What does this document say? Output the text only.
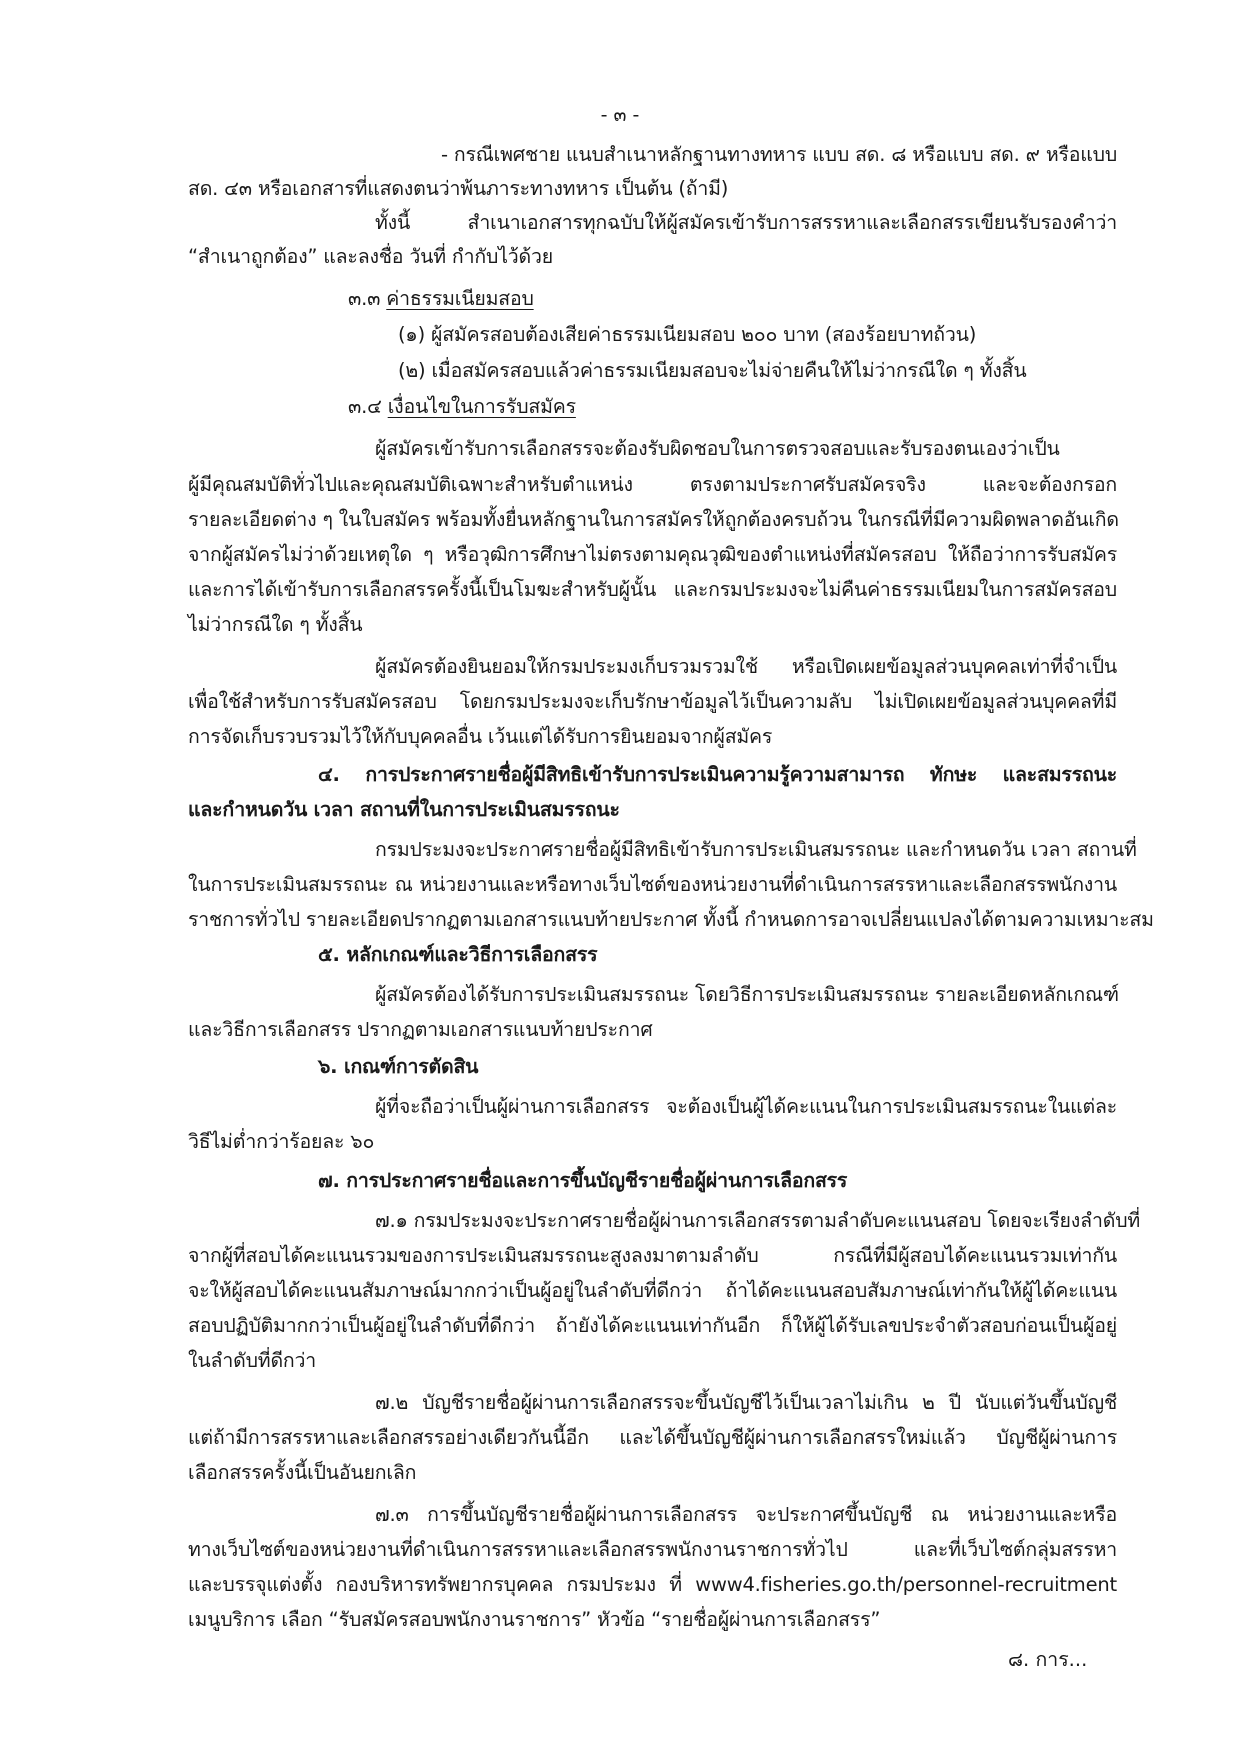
- ๓ -
- กรณีเพศชาย แนบสำเนาหลักฐานทางทหาร แบบ สด. ๘ หรือแบบ สด. ๙ หรือแบบ
สด. ๔๓ หรือเอกสารที่แสดงตนว่าพ้นภาระทางทหาร เป็นต้น (ถ้ามี)
ทั้งนี้ สำเนาเอกสารทุกฉบับให้ผู้สมัครเข้ารับการสรรหาและเลือกสรรเขียนรับรองคำว่า
“สำเนาถูกต้อง” และลงชื่อ วันที่ กำกับไว้ด้วย
๓.๓ ค่าธรรมเนียมสอบ
(๑) ผู้สมัครสอบต้องเสียค่าธรรมเนียมสอบ ๒๐๐ บาท (สองร้อยบาทถ้วน)
(๒) เมื่อสมัครสอบแล้วค่าธรรมเนียมสอบจะไม่จ่ายคืนให้ไม่ว่ากรณีใด ๆ ทั้งสิ้น
๓.๔ เงื่อนไขในการรับสมัคร
ผู้สมัครเข้ารับการเลือกสรรจะต้องรับผิดชอบในการตรวจสอบและรับรองตนเองว่าเป็น
ผู้มีคุณสมบัติทั่วไปและคุณสมบัติเฉพาะสำหรับตำแหน่ง ตรงตามประกาศรับสมัครจริง และจะต้องกรอก
รายละเอียดต่าง ๆ ในใบสมัคร พร้อมทั้งยื่นหลักฐานในการสมัครให้ถูกต้องครบถ้วน ในกรณีที่มีความผิดพลาดอันเกิด
จากผู้สมัครไม่ว่าด้วยเหตุใด ๆ หรือวุฒิการศึกษาไม่ตรงตามคุณวุฒิของตำแหน่งที่สมัครสอบ ให้ถือว่าการรับสมัคร
และการได้เข้ารับการเลือกสรรครั้งนี้เป็นโมฆะสำหรับผู้นั้น และกรมประมงจะไม่คืนค่าธรรมเนียมในการสมัครสอบ
ไม่ว่ากรณีใด ๆ ทั้งสิ้น
ผู้สมัครต้องยินยอมให้กรมประมงเก็บรวมรวมใช้ หรือเปิดเผยข้อมูลส่วนบุคคลเท่าที่จำเป็น
เพื่อใช้สำหรับการรับสมัครสอบ โดยกรมประมงจะเก็บรักษาข้อมูลไว้เป็นความลับ ไม่เปิดเผยข้อมูลส่วนบุคคลที่มี
การจัดเก็บรวบรวมไว้ให้กับบุคคลอื่น เว้นแต่ได้รับการยินยอมจากผู้สมัคร
๔. การประกาศรายชื่อผู้มีสิทธิเข้ารับการประเมินความรู้ความสามารถ ทักษะ และสมรรถนะ
และกำหนดวัน เวลา สถานที่ในการประเมินสมรรถนะ
กรมประมงจะประกาศรายชื่อผู้มีสิทธิเข้ารับการประเมินสมรรถนะ และกำหนดวัน เวลา สถานที่
ในการประเมินสมรรถนะ ณ หน่วยงานและหรือทางเว็บไซต์ของหน่วยงานที่ดำเนินการสรรหาและเลือกสรรพนักงาน
ราชการทั่วไป รายละเอียดปรากฏตามเอกสารแนบท้ายประกาศ ทั้งนี้ กำหนดการอาจเปลี่ยนแปลงได้ตามความเหมาะสม
๕. หลักเกณฑ์และวิธีการเลือกสรร
ผู้สมัครต้องได้รับการประเมินสมรรถนะ โดยวิธีการประเมินสมรรถนะ รายละเอียดหลักเกณฑ์
และวิธีการเลือกสรร ปรากฏตามเอกสารแนบท้ายประกาศ
๖. เกณฑ์การตัดสิน
ผู้ที่จะถือว่าเป็นผู้ผ่านการเลือกสรร จะต้องเป็นผู้ได้คะแนนในการประเมินสมรรถนะในแต่ละ
วิธีไม่ต่ำกว่าร้อยละ ๖๐
๗. การประกาศรายชื่อและการขึ้นบัญชีรายชื่อผู้ผ่านการเลือกสรร
๗.๑ กรมประมงจะประกาศรายชื่อผู้ผ่านการเลือกสรรตามลำดับคะแนนสอบ โดยจะเรียงลำดับที่
จากผู้ที่สอบได้คะแนนรวมของการประเมินสมรรถนะสูงลงมาตามลำดับ กรณีที่มีผู้สอบได้คะแนนรวมเท่ากัน
จะให้ผู้สอบได้คะแนนสัมภาษณ์มากกว่าเป็นผู้อยู่ในลำดับที่ดีกว่า ถ้าได้คะแนนสอบสัมภาษณ์เท่ากันให้ผู้ได้คะแนน
สอบปฏิบัติมากกว่าเป็นผู้อยู่ในลำดับที่ดีกว่า ถ้ายังได้คะแนนเท่ากันอีก ก็ให้ผู้ได้รับเลขประจำตัวสอบก่อนเป็นผู้อยู่
ในลำดับที่ดีกว่า
๗.๒ บัญชีรายชื่อผู้ผ่านการเลือกสรรจะขึ้นบัญชีไว้เป็นเวลาไม่เกิน ๒ ปี นับแต่วันขึ้นบัญชี
แต่ถ้ามีการสรรหาและเลือกสรรอย่างเดียวกันนี้อีก และได้ขึ้นบัญชีผู้ผ่านการเลือกสรรใหม่แล้ว บัญชีผู้ผ่านการ
เลือกสรรครั้งนี้เป็นอันยกเลิก
๗.๓ การขึ้นบัญชีรายชื่อผู้ผ่านการเลือกสรร จะประกาศขึ้นบัญชี ณ หน่วยงานและหรือ
ทางเว็บไซต์ของหน่วยงานที่ดำเนินการสรรหาและเลือกสรรพนักงานราชการทั่วไป และที่เว็บไซต์กลุ่มสรรหา
และบรรจุแต่งตั้ง กองบริหารทรัพยากรบุคคล กรมประมง ที่ www4.fisheries.go.th/personnel-recruitment
เมนูบริการ เลือก “รับสมัครสอบพนักงานราชการ” หัวข้อ “รายชื่อผู้ผ่านการเลือกสรร”
๘. การ...
